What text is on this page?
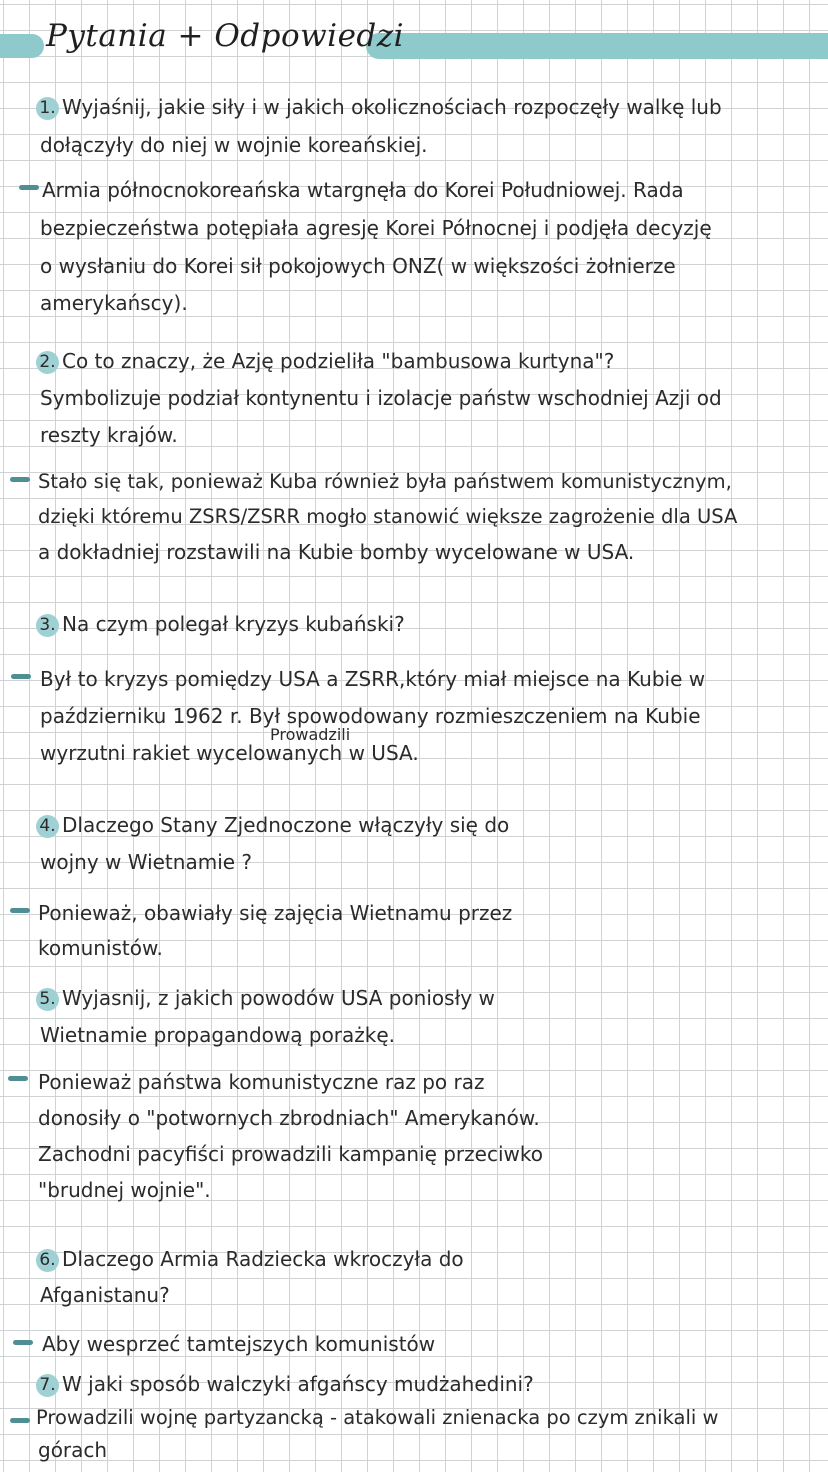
Pytania + Odpowiedzi
1. Wyjaśnij, jakie siły i w jakich okolicznościach rozpoczęły walkę lub
dołączyły do niej w wojnie koreańskiej.
Armia północnokoreańska wtargnęła do Korei Południowej. Rada
bezpieczeństwa potępiała agresję Korei Północnej i podjęła decyzję
o wysłaniu do Korei sił pokojowych ONZ( w większości żołnierze
amerykańscy).
2. Co to znaczy, że Azję podzieliła "bambusowa kurtyna"?
Symbolizuje podział kontynentu i izolacje państw wschodniej Azji od
reszty krajów.
Stało się tak, ponieważ Kuba również była państwem komunistycznym,
dzięki któremu ZSRS/ZSRR mogło stanowić większe zagrożenie dla USA
a dokładniej rozstawili na Kubie bomby wycelowane w USA.
3. Na czym polegał kryzys kubański?
Był to kryzys pomiędzy USA a ZSRR,który miał miejsce na Kubie w
październiku 1962 r. Był spowodowany rozmieszczeniem na Kubie
Prowadzili
wyrzutni rakiet wycelowanych w USA.
4. Dlaczego Stany Zjednoczone włączyły się do
wojny w Wietnamie ?
Ponieważ, obawiały się zajęcia Wietnamu przez
komunistów.
5. Wyjasnij, z jakich powodów USA poniosły w
Wietnamie propagandową porażkę.
Ponieważ państwa komunistyczne raz po raz
donosiły o "potwornych zbrodniach" Amerykanów.
Zachodni pacyfiści prowadzili kampanię przeciwko
"brudnej wojnie".
6. Dlaczego Armia Radziecka wkroczyła do
Afganistanu?
Aby wesprzeć tamtejszych komunistów
7. W jaki sposób walczyki afgańscy mudżahedini?
Prowadzili wojnę partyzancką - atakowali znienacka po czym znikali w
górach
